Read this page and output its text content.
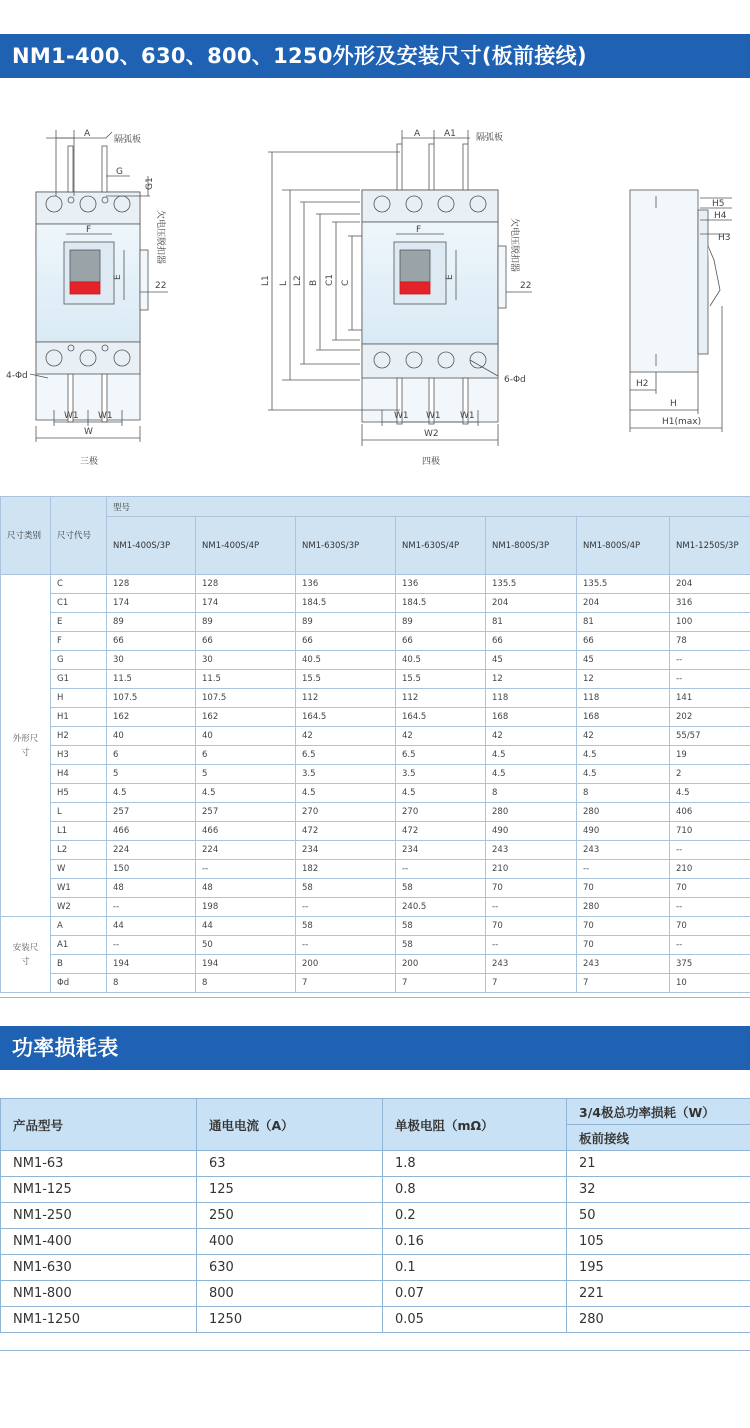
NM1-400、630、800、1250外形及安装尺寸(板前接线)
A
隔弧板
G
G1
F
E
欠电压脱扣器
22
4-Φd
W1 W1
W
三极
A	A1 隔弧板
L1 L L2 B C1 C
F
E
欠电压脱扣器
22
6-Φd
W1 W1 W1
W2
四极
H5
H4
H3
H2
H
H1(max)
尺寸类别	尺寸代号	型号						
		NM1-400S/3P	NM1-400S/4P	NM1-630S/3P	NM1-630S/4P	NM1-800S/3P	NM1-800S/4P	NM1-1250S/3P
外形尺寸	C	128	128	136	136	135.5	135.5	204
	C1	174	174	184.5	184.5	204	204	316
	E	89	89	89	89	81	81	100
	F	66	66	66	66	66	66	78
	G	30	30	40.5	40.5	45	45	--
	G1	11.5	11.5	15.5	15.5	12	12	--
	H	107.5	107.5	112	112	118	118	141
	H1	162	162	164.5	164.5	168	168	202
	H2	40	40	42	42	42	42	55/57
	H3	6	6	6.5	6.5	4.5	4.5	19
	H4	5	5	3.5	3.5	4.5	4.5	2
	H5	4.5	4.5	4.5	4.5	8	8	4.5
	L	257	257	270	270	280	280	406
	L1	466	466	472	472	490	490	710
	L2	224	224	234	234	243	243	--
	W	150	--	182	--	210	--	210
	W1	48	48	58	58	70	70	70
	W2	--	198	--	240.5	--	280	--
安装尺寸	A	44	44	58	58	70	70	70
	A1	--	50	--	58	--	70	--
	B	194	194	200	200	243	243	375
	Φd	8	8	7	7	7	7	10
功率损耗表
产品型号	通电电流（A）	单极电阻（mΩ）	3/4极总功率损耗（W）
			板前接线
NM1-63	63	1.8	21
NM1-125	125	0.8	32
NM1-250	250	0.2	50
NM1-400	400	0.16	105
NM1-630	630	0.1	195
NM1-800	800	0.07	221
NM1-1250	1250	0.05	280
